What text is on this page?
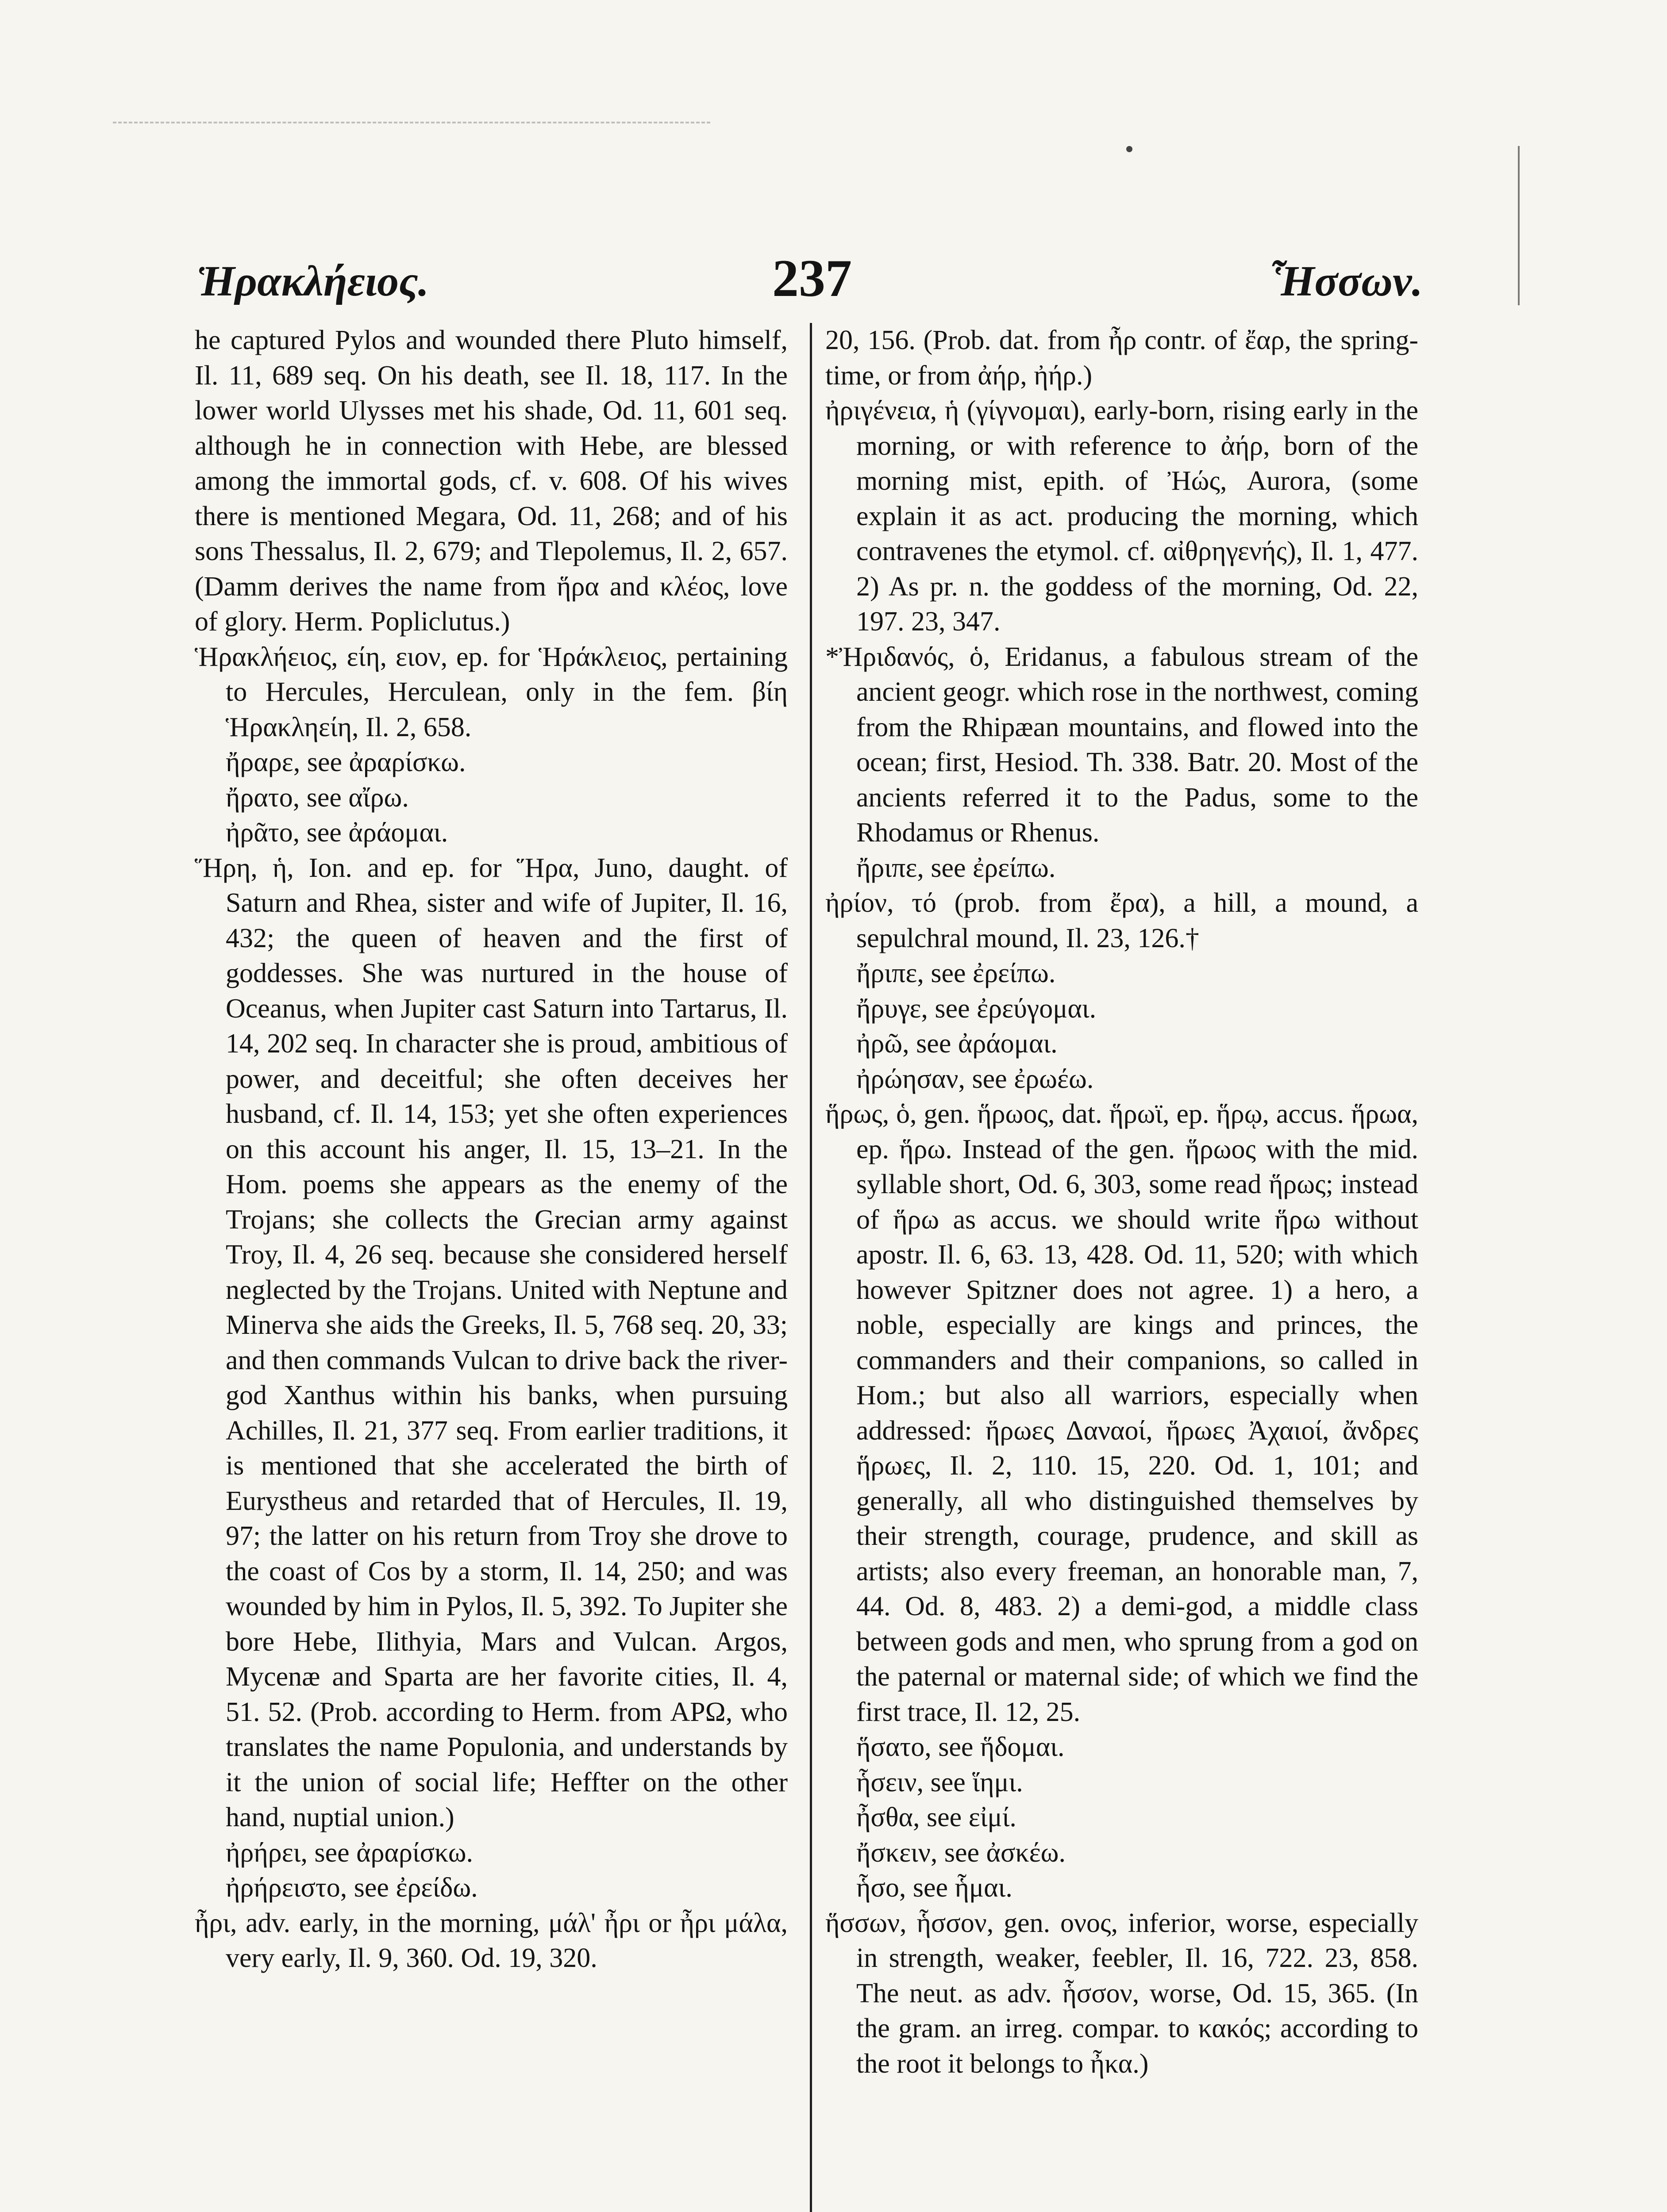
Ἡρακλήειος.	237	Ἧσσων.

he captured Pylos and wounded there Pluto himself, Il. 11, 689 seq. On his death, see Il. 18, 117. In the lower world Ulysses met his shade, Od. 11, 601 seq. although he in connection with Hebe, are blessed among the immortal gods, cf. v. 608. Of his wives there is mentioned Megara, Od. 11, 268; and of his sons Thessalus, Il. 2, 679; and Tlepolemus, Il. 2, 657. (Damm derives the name from ἥρα and κλέος, love of glory. Herm. Popliclutus.)

Ἡρακλήειος, είη, ειον, ep. for Ἡράκλειος, pertaining to Hercules, Herculean, only in the fem. βίη Ἡρακληείη, Il. 2, 658.

ἤραρε, see ἀραρίσκω.

ἤρατο, see αἴρω.

ἠρᾶτο, see ἀράομαι.

Ἥρη, ἡ, Ion. and ep. for Ἥρα, Juno, daught. of Saturn and Rhea, sister and wife of Jupiter, Il. 16, 432; the queen of heaven and the first of goddesses. She was nurtured in the house of Oceanus, when Jupiter cast Saturn into Tartarus, Il. 14, 202 seq. In character she is proud, ambitious of power, and deceitful; she often deceives her husband, cf. Il. 14, 153; yet she often experiences on this account his anger, Il. 15, 13–21. In the Hom. poems she appears as the enemy of the Trojans; she collects the Grecian army against Troy, Il. 4, 26 seq. because she considered herself neglected by the Trojans. United with Neptune and Minerva she aids the Greeks, Il. 5, 768 seq. 20, 33; and then commands Vulcan to drive back the river-god Xanthus within his banks, when pursuing Achilles, Il. 21, 377 seq. From earlier traditions, it is mentioned that she accelerated the birth of Eurystheus and retarded that of Hercules, Il. 19, 97; the latter on his return from Troy she drove to the coast of Cos by a storm, Il. 14, 250; and was wounded by him in Pylos, Il. 5, 392. To Jupiter she bore Hebe, Ilithyia, Mars and Vulcan. Argos, Mycenæ and Sparta are her favorite cities, Il. 4, 51. 52. (Prob. according to Herm. from ΑΡΩ, who translates the name Populonia, and understands by it the union of social life; Heffter on the other hand, nuptial union.)

ἠρήρει, see ἀραρίσκω.

ἠρήρειστο, see ἐρείδω.

ἦρι, adv. early, in the morning, μάλ' ἦρι or ἦρι μάλα, very early, Il. 9, 360. Od. 19, 320.

20, 156. (Prob. dat. from ἦρ contr. of ἔαρ, the spring-time, or from ἀήρ, ἠήρ.)

ἠριγένεια, ἡ (γίγνομαι), early-born, rising early in the morning, or with reference to ἀήρ, born of the morning mist, epith. of Ἠώς, Aurora, (some explain it as act. producing the morning, which contravenes the etymol. cf. αἰθρηγενής), Il. 1, 477. 2) As pr. n. the goddess of the morning, Od. 22, 197. 23, 347.

*Ἠριδανός, ὁ, Eridanus, a fabulous stream of the ancient geogr. which rose in the northwest, coming from the Rhipæan mountains, and flowed into the ocean; first, Hesiod. Th. 338. Batr. 20. Most of the ancients referred it to the Padus, some to the Rhodamus or Rhenus.

ἤριπε, see ἐρείπω.

ἠρίον, τό (prob. from ἔρα), a hill, a mound, a sepulchral mound, Il. 23, 126.†

ἤριπε, see ἐρείπω.

ἤρυγε, see ἐρεύγομαι.

ἠρῶ, see ἀράομαι.

ἠρώησαν, see ἐρωέω.

ἥρως, ὁ, gen. ἥρωος, dat. ἥρωϊ, ep. ἥρῳ, accus. ἥρωα, ep. ἥρω. Instead of the gen. ἥρωος with the mid. syllable short, Od. 6, 303, some read ἥρως; instead of ἥρω as accus. we should write ἥρω without apostr. Il. 6, 63. 13, 428. Od. 11, 520; with which however Spitzner does not agree. 1) a hero, a noble, especially are kings and princes, the commanders and their companions, so called in Hom.; but also all warriors, especially when addressed: ἥρωες Δαναοί, ἥρωες Ἀχαιοί, ἄνδρες ἥρωες, Il. 2, 110. 15, 220. Od. 1, 101; and generally, all who distinguished themselves by their strength, courage, prudence, and skill as artists; also every freeman, an honorable man, 7, 44. Od. 8, 483. 2) a demi-god, a middle class between gods and men, who sprung from a god on the paternal or maternal side; of which we find the first trace, Il. 12, 25.

ἥσατο, see ἥδομαι.

ἧσειν, see ἵημι.

ἦσθα, see εἰμί.

ἤσκειν, see ἀσκέω.

ἧσο, see ἧμαι.

ἥσσων, ἧσσον, gen. ονος, inferior, worse, especially in strength, weaker, feebler, Il. 16, 722. 23, 858. The neut. as adv. ἧσσον, worse, Od. 15, 365. (In the gram. an irreg. compar. to κακός; according to the root it belongs to ἦκα.)
